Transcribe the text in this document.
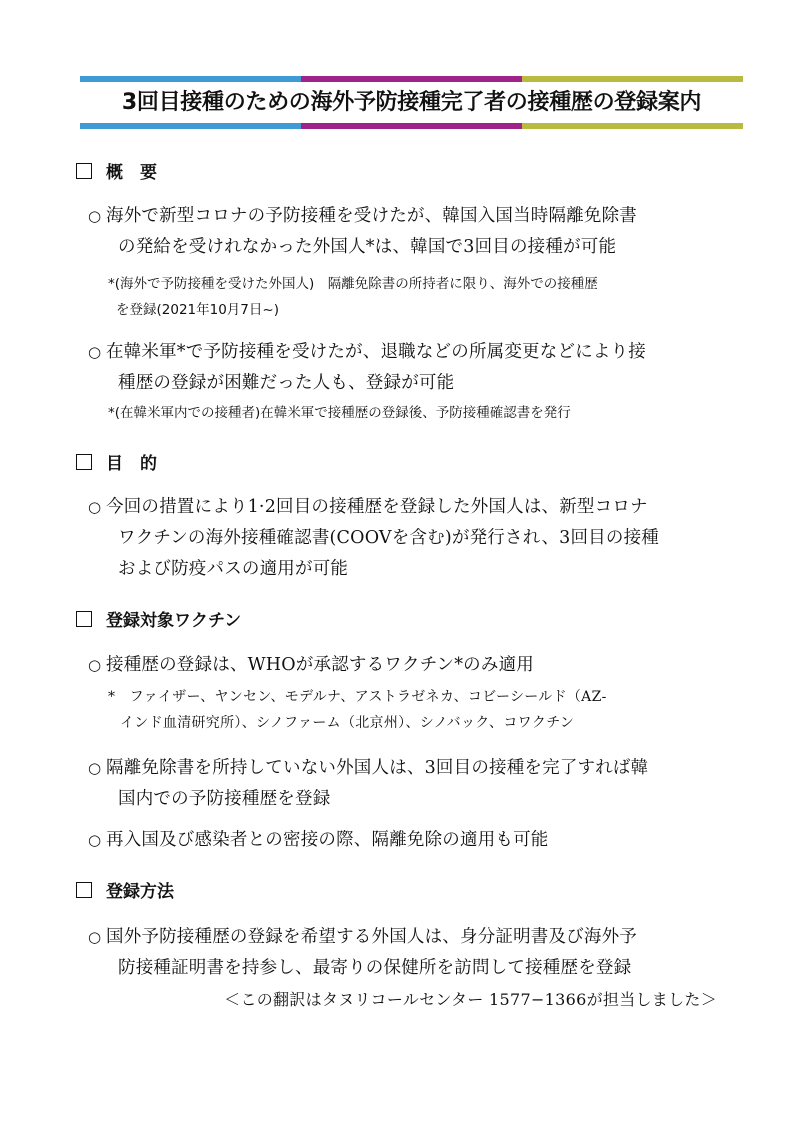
3回目接種のための海外予防接種完了者の接種歴の登録案内
概　要
○ 海外で新型コロナの予防接種を受けたが、韓国入国当時隔離免除書
の発給を受けれなかった外国人*は、韓国で3回目の接種が可能
*(海外で予防接種を受けた外国人)　隔離免除書の所持者に限り、海外での接種歴
を登録(2021年10月7日~)
○ 在韓米軍*で予防接種を受けたが、退職などの所属変更などにより接
種歴の登録が困難だった人も、登録が可能
*(在韓米軍内での接種者)在韓米軍で接種歴の登録後、予防接種確認書を発行
目　的
○ 今回の措置により1·2回目の接種歴を登録した外国人は、新型コロナ
ワクチンの海外接種確認書(COOVを含む)が発行され、3回目の接種
および防疫パスの適用が可能
登録対象ワクチン
○ 接種歴の登録は、WHOが承認するワクチン*のみ適用
*　ファイザー、ヤンセン、モデルナ、アストラゼネカ、コビーシールド（AZ-
インド血清研究所）、シノファーム（北京州）、シノバック、コワクチン
○ 隔離免除書を所持していない外国人は、3回目の接種を完了すれば韓
国内での予防接種歴を登録
○ 再入国及び感染者との密接の際、隔離免除の適用も可能
登録方法
○ 国外予防接種歴の登録を希望する外国人は、身分証明書及び海外予
防接種証明書を持参し、最寄りの保健所を訪問して接種歴を登録
＜この翻訳はタヌリコールセンター 1577−1366が担当しました＞
